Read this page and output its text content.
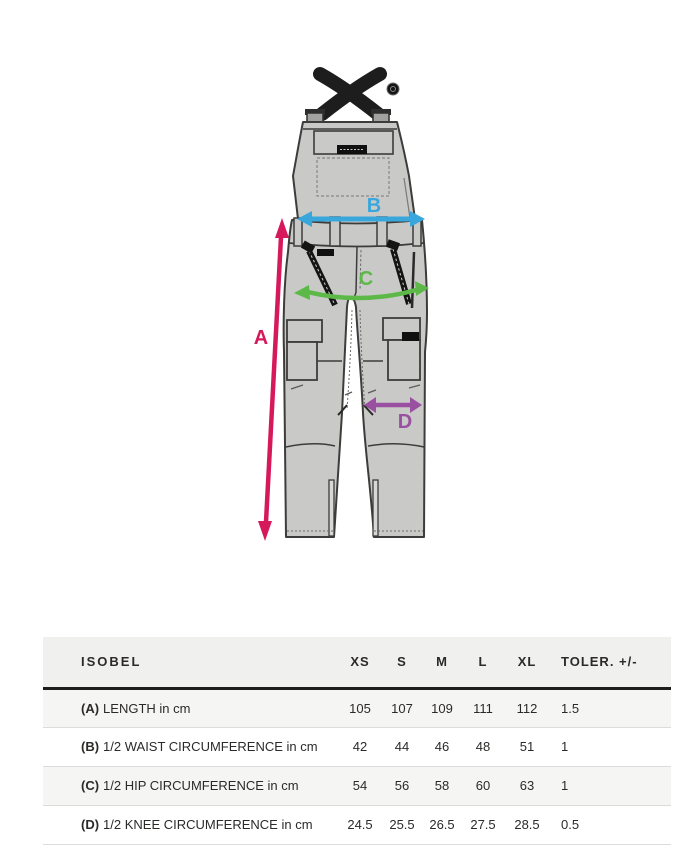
A
B
C
D
ISOBEL	XS	S	M	L	XL	TOLER. +/-
(A) LENGTH in cm	105	107	109	111	112	1.5
(B) 1/2 WAIST CIRCUMFERENCE in cm	42	44	46	48	51	1
(C) 1/2 HIP CIRCUMFERENCE in cm	54	56	58	60	63	1
(D) 1/2 KNEE CIRCUMFERENCE in cm	24.5	25.5	26.5	27.5	28.5	0.5
